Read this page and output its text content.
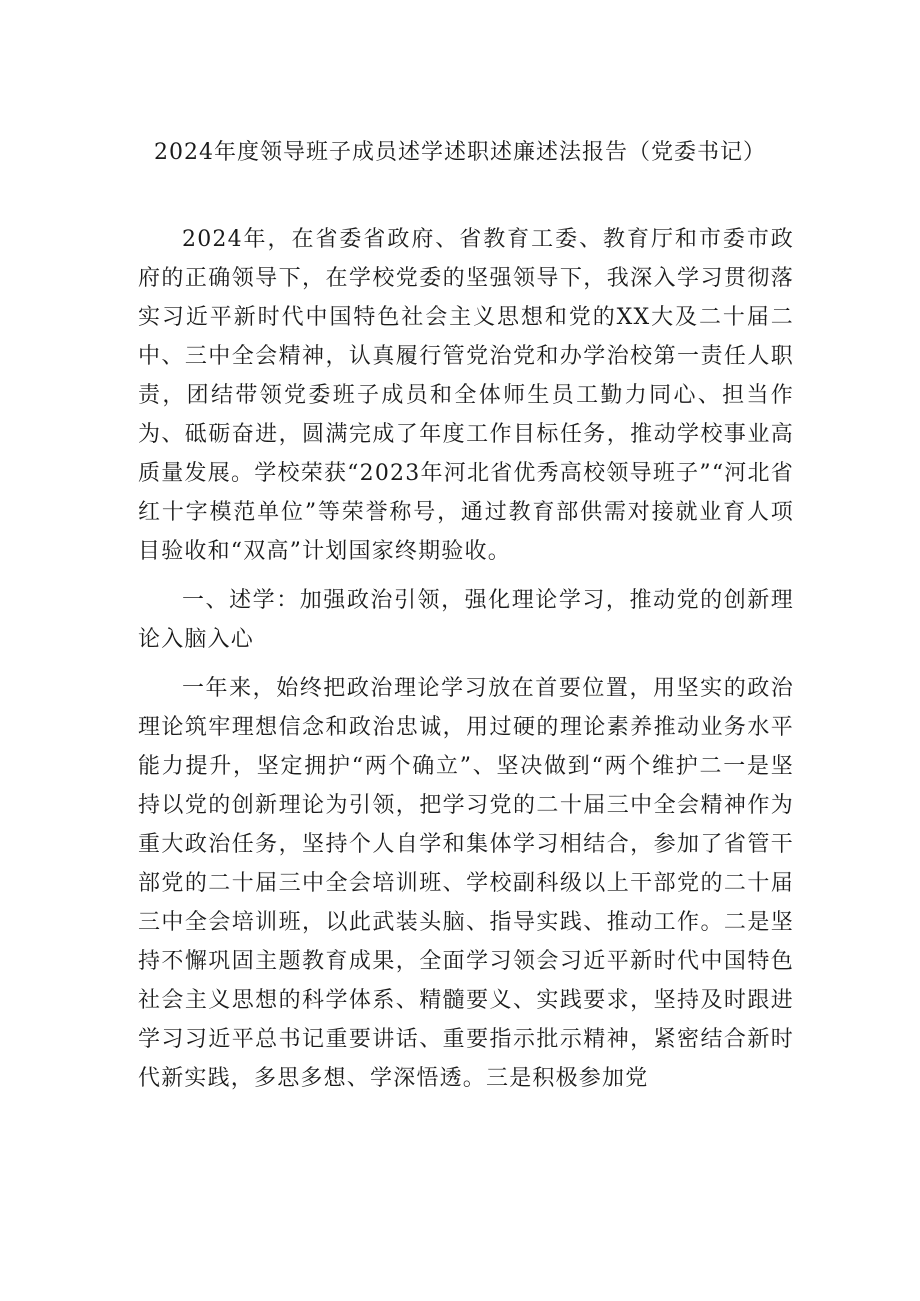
2024年度领导班子成员述学述职述廉述法报告（党委书记）

2024年，在省委省政府、省教育工委、教育厅和市委市政府的正确领导下，在学校党委的坚强领导下，我深入学习贯彻落实习近平新时代中国特色社会主义思想和党的XX大及二十届二中、三中全会精神，认真履行管党治党和办学治校第一责任人职责，团结带领党委班子成员和全体师生员工勤力同心、担当作为、砥砺奋进，圆满完成了年度工作目标任务，推动学校事业高质量发展。学校荣获“2023年河北省优秀高校领导班子”“河北省红十字模范单位”等荣誉称号，通过教育部供需对接就业育人项目验收和“双高”计划国家终期验收。

一、述学：加强政治引领，强化理论学习，推动党的创新理论入脑入心

一年来，始终把政治理论学习放在首要位置，用坚实的政治理论筑牢理想信念和政治忠诚，用过硬的理论素养推动业务水平能力提升，坚定拥护“两个确立”、坚决做到“两个维护二一是坚持以党的创新理论为引领，把学习党的二十届三中全会精神作为重大政治任务，坚持个人自学和集体学习相结合，参加了省管干部党的二十届三中全会培训班、学校副科级以上干部党的二十届三中全会培训班，以此武装头脑、指导实践、推动工作。二是坚持不懈巩固主题教育成果，全面学习领会习近平新时代中国特色社会主义思想的科学体系、精髓要义、实践要求，坚持及时跟进学习习近平总书记重要讲话、重要指示批示精神，紧密结合新时代新实践，多思多想、学深悟透。三是积极参加党
